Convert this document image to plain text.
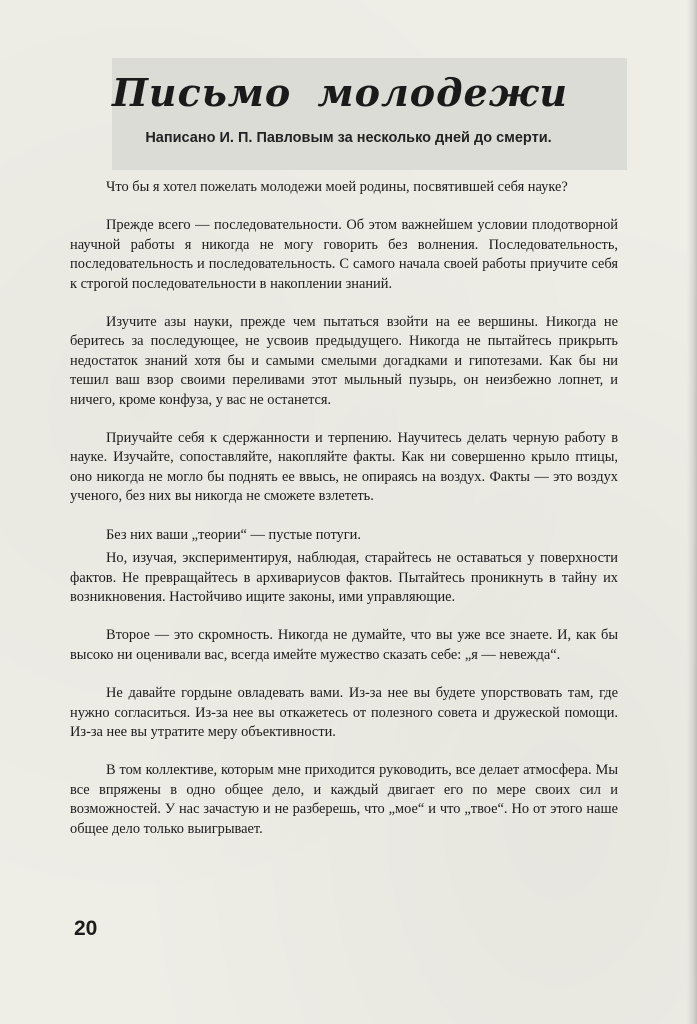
Письмо молодежи
Написано И. П. Павловым за несколько дней до смерти.

Что бы я хотел пожелать молодежи моей родины, посвятившей себя науке?

Прежде всего — последовательности. Об этом важнейшем условии плодотворной научной работы я никогда не могу говорить без волнения. Последовательность, последовательность и последовательность. С самого начала своей работы приучите себя к строгой последовательности в накоплении знаний.

Изучите азы науки, прежде чем пытаться взойти на ее вершины. Никогда не беритесь за последующее, не усвоив предыдущего. Никогда не пытайтесь прикрыть недостаток знаний хотя бы и самыми смелыми догадками и гипотезами. Как бы ни тешил ваш взор своими переливами этот мыльный пузырь, он неизбежно лопнет, и ничего, кроме конфуза, у вас не останется.

Приучайте себя к сдержанности и терпению. Научитесь делать черную работу в науке. Изучайте, сопоставляйте, накопляйте факты. Как ни совершенно крыло птицы, оно никогда не могло бы поднять ее ввысь, не опираясь на воздух. Факты — это воздух ученого, без них вы никогда не сможете взлететь.

Без них ваши „теории“ — пустые потуги.

Но, изучая, экспериментируя, наблюдая, старайтесь не оставаться у поверхности фактов. Не превращайтесь в архивариусов фактов. Пытайтесь проникнуть в тайну их возникновения. Настойчиво ищите законы, ими управляющие.

Второе — это скромность. Никогда не думайте, что вы уже все знаете. И, как бы высоко ни оценивали вас, всегда имейте мужество сказать себе: „я — невежда“.

Не давайте гордыне овладевать вами. Из-за нее вы будете упорствовать там, где нужно согласиться. Из-за нее вы откажетесь от полезного совета и дружеской помощи. Из-за нее вы утратите меру объективности.

В том коллективе, которым мне приходится руководить, все делает атмосфера. Мы все впряжены в одно общее дело, и каждый двигает его по мере своих сил и возможностей. У нас зачастую и не разберешь, что „мое“ и что „твое“. Но от этого наше общее дело только выигрывает.

20
